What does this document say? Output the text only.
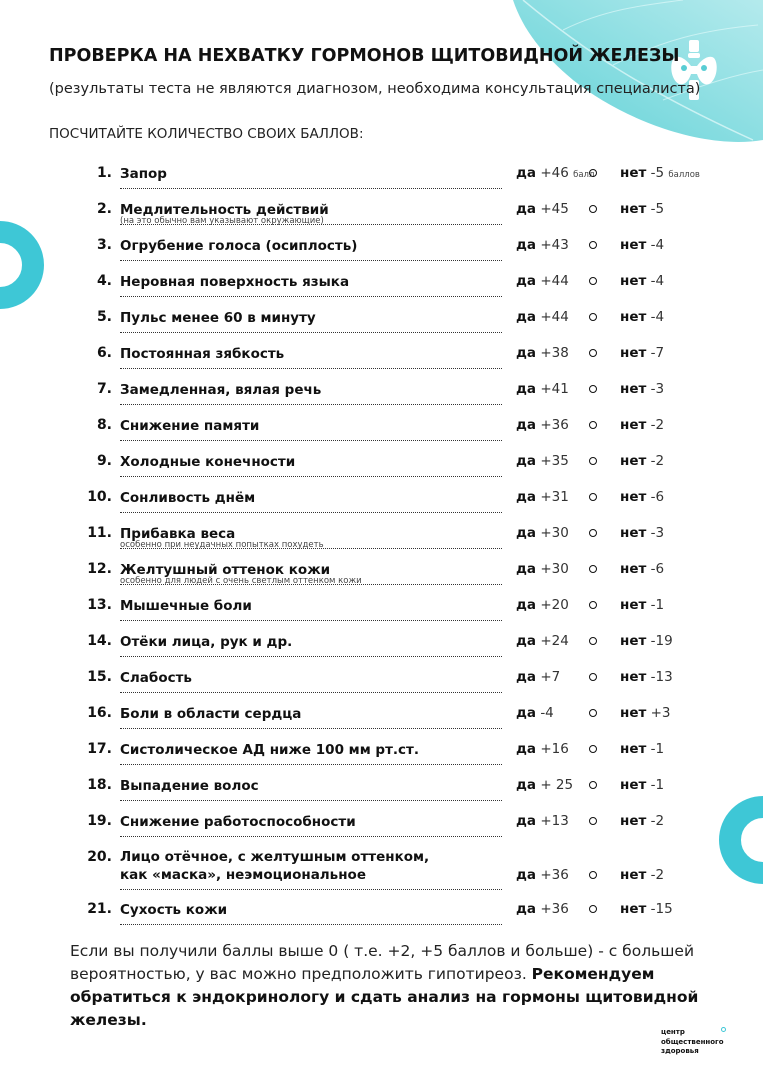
ПРОВЕРКА НА НЕХВАТКУ ГОРМОНОВ ЩИТОВИДНОЙ ЖЕЛЕЗЫ
(результаты теста не являются диагнозом, необходима консультация специалиста)
ПОСЧИТАЙТЕ КОЛИЧЕСТВО СВОИХ БАЛЛОВ:
1. Запор	да +46 балл нет -5 баллов
2. Медлительность действий
(на это обычно вам указывают окружающие)
да +45	нет -5
3. Огрубение голоса (осиплость)	да +43	нет -4
4. Неровная поверхность языка	да +44	нет -4
5. Пульс менее 60 в минуту	да +44	нет -4
6. Постоянная зябкость	да +38	нет -7
7. Замедленная, вялая речь	да +41	нет -3
8. Снижение памяти	да +36	нет -2
9. Холодные конечности	да +35	нет -2
10. Сонливость днём	да +31	нет -6
11. Прибавка веса
особенно при неудачных попытках похудеть
да +30	нет -3
12. Желтушный оттенок кожи
особенно для людей с очень светлым оттенком кожи
да +30	нет -6
13. Мышечные боли	да +20	нет -1
14. Отёки лица, рук и др.	да +24	нет -19
15. Слабость	да +7	нет -13
16. Боли в области сердца	да -4	нет +3
17. Систолическое АД ниже 100 мм рт.ст.	да +16	нет -1
18. Выпадение волос	да + 25	нет -1
19. Снижение работоспособности	да +13	нет -2
20. Лицо отёчное, с желтушным оттенком,
как «маска», неэмоциональное	да +36	нет -2
21. Сухость кожи	да +36	нет -15
Если вы получили баллы выше 0 ( т.е. +2, +5 баллов и больше) - с большей вероятностью, у вас можно предположить гипотиреоз. Рекомендуем обратиться к эндокринологу и сдать анализ на гормоны щитовидной железы.
центр
общественного
здоровья
